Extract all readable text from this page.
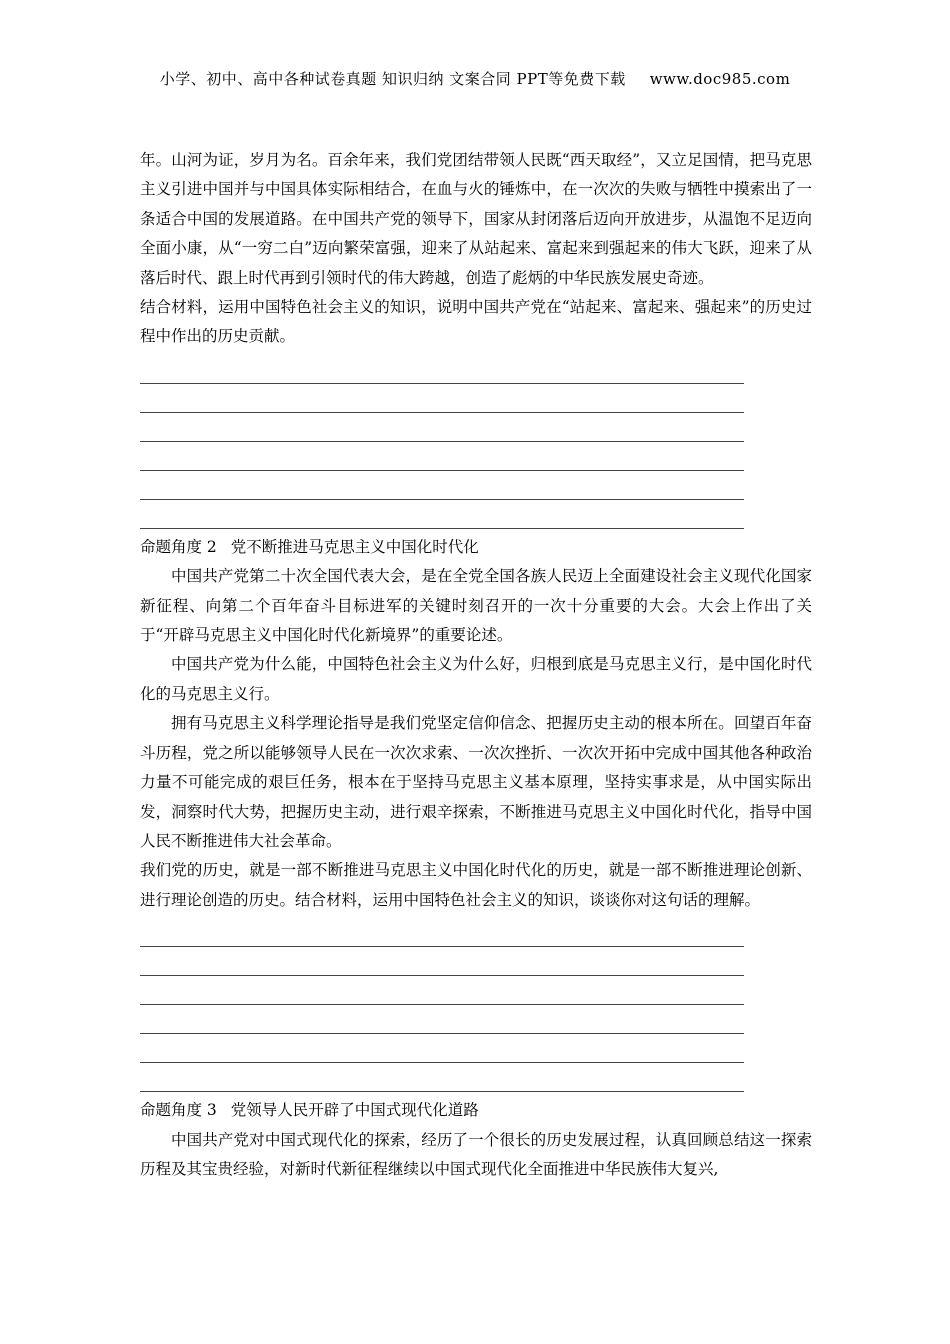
小学、初中、高中各种试卷真题 知识归纳 文案合同 PPT等免费下载 www.doc985.com

年。山河为证，岁月为名。百余年来，我们党团结带领人民既“西天取经”，又立足国情，把马克思主义引进中国并与中国具体实际相结合，在血与火的锤炼中，在一次次的失败与牺牲中摸索出了一条适合中国的发展道路。在中国共产党的领导下，国家从封闭落后迈向开放进步，从温饱不足迈向全面小康，从“一穷二白”迈向繁荣富强，迎来了从站起来、富起来到强起来的伟大飞跃，迎来了从落后时代、跟上时代再到引领时代的伟大跨越，创造了彪炳的中华民族发展史奇迹。

结合材料，运用中国特色社会主义的知识，说明中国共产党在“站起来、富起来、强起来”的历史过程中作出的历史贡献。

命题角度 2 党不断推进马克思主义中国化时代化

中国共产党第二十次全国代表大会，是在全党全国各族人民迈上全面建设社会主义现代化国家新征程、向第二个百年奋斗目标进军的关键时刻召开的一次十分重要的大会。大会上作出了关于“开辟马克思主义中国化时代化新境界”的重要论述。

中国共产党为什么能，中国特色社会主义为什么好，归根到底是马克思主义行，是中国化时代化的马克思主义行。

拥有马克思主义科学理论指导是我们党坚定信仰信念、把握历史主动的根本所在。回望百年奋斗历程，党之所以能够领导人民在一次次求索、一次次挫折、一次次开拓中完成中国其他各种政治力量不可能完成的艰巨任务，根本在于坚持马克思主义基本原理，坚持实事求是，从中国实际出发，洞察时代大势，把握历史主动，进行艰辛探索，不断推进马克思主义中国化时代化，指导中国人民不断推进伟大社会革命。

我们党的历史，就是一部不断推进马克思主义中国化时代化的历史，就是一部不断推进理论创新、进行理论创造的历史。结合材料，运用中国特色社会主义的知识，谈谈你对这句话的理解。

命题角度 3 党领导人民开辟了中国式现代化道路

中国共产党对中国式现代化的探索，经历了一个很长的历史发展过程，认真回顾总结这一探索历程及其宝贵经验，对新时代新征程继续以中国式现代化全面推进中华民族伟大复兴,
